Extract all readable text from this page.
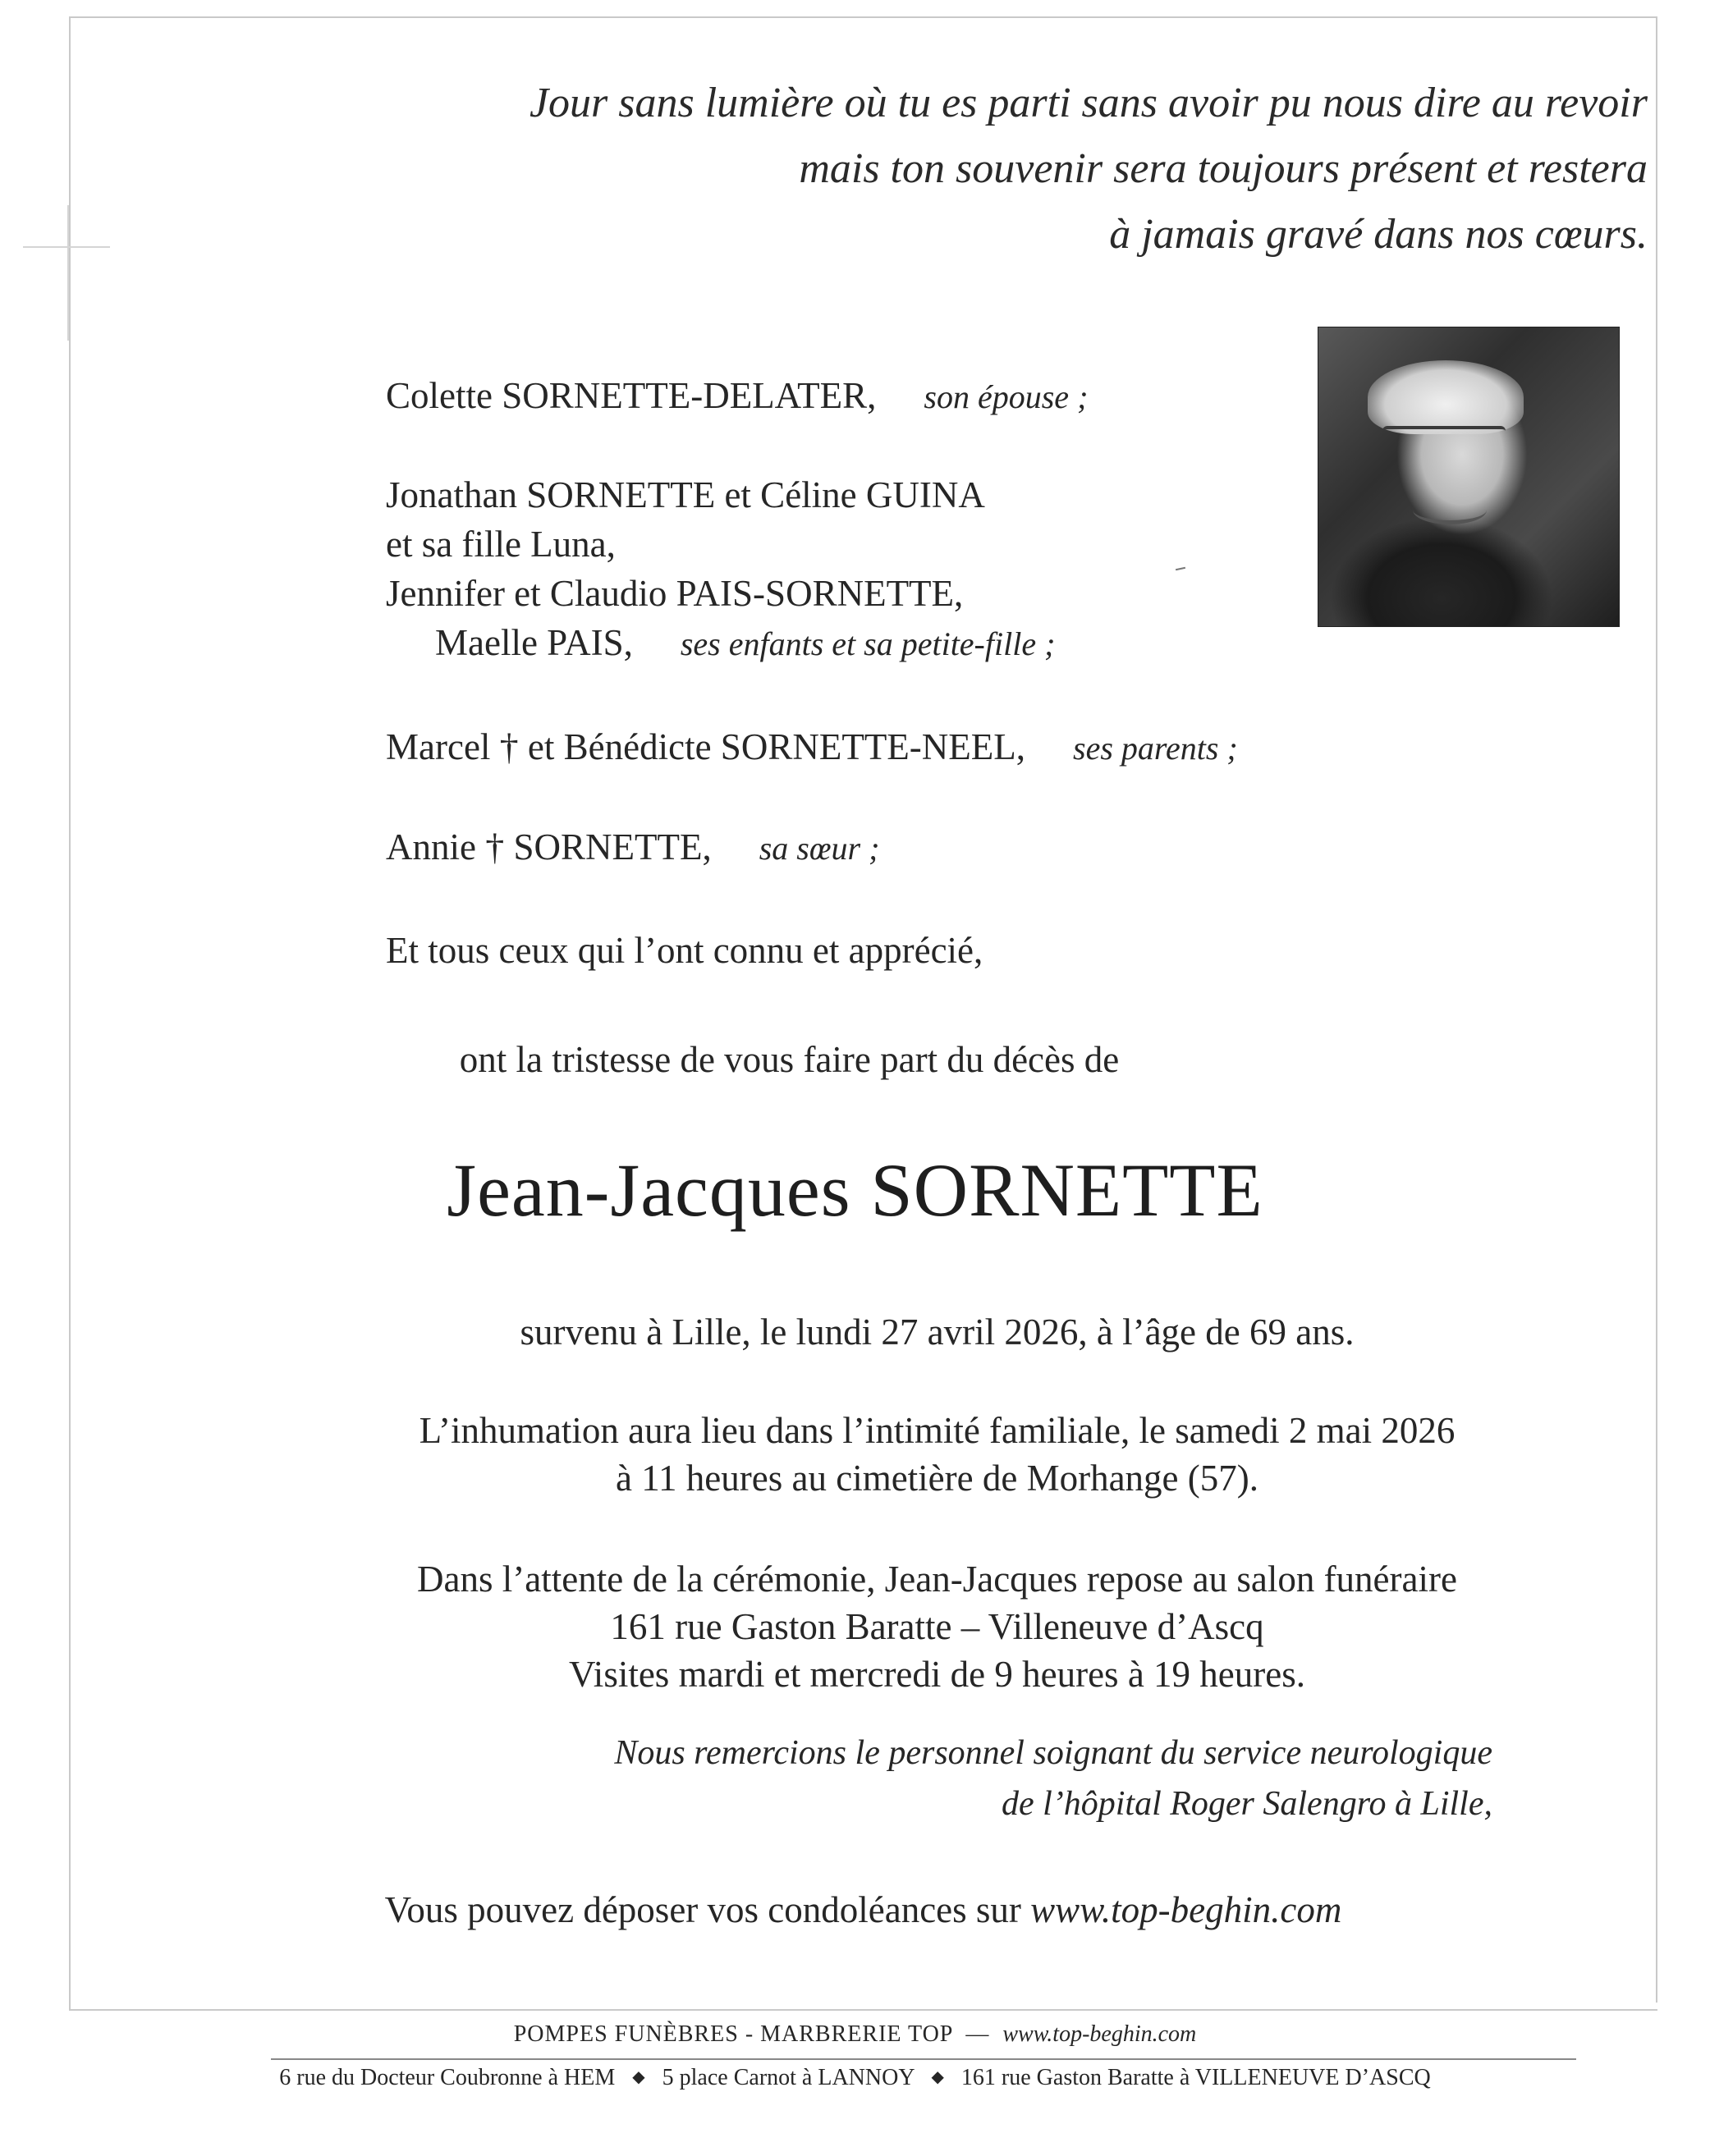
Jour sans lumière où tu es parti sans avoir pu nous dire au revoir
mais ton souvenir sera toujours présent et restera
à jamais gravé dans nos cœurs.
Colette SORNETTE-DELATER, son épouse ;
Jonathan SORNETTE et Céline GUINA
et sa fille Luna,
Jennifer et Claudio PAIS-SORNETTE,
Maelle PAIS, ses enfants et sa petite-fille ;
Marcel † et Bénédicte SORNETTE-NEEL, ses parents ;
Annie † SORNETTE, sa sœur ;
Et tous ceux qui l’ont connu et apprécié,
ont la tristesse de vous faire part du décès de
Jean-Jacques SORNETTE
survenu à Lille, le lundi 27 avril 2026, à l’âge de 69 ans.
L’inhumation aura lieu dans l’intimité familiale, le samedi 2 mai 2026
à 11 heures au cimetière de Morhange (57).
Dans l’attente de la cérémonie, Jean-Jacques repose au salon funéraire
161 rue Gaston Baratte – Villeneuve d’Ascq
Visites mardi et mercredi de 9 heures à 19 heures.
Nous remercions le personnel soignant du service neurologique
de l’hôpital Roger Salengro à Lille,
Vous pouvez déposer vos condoléances sur www.top-beghin.com
POMPES FUNÈBRES - MARBRERIE TOP — www.top-beghin.com
6 rue du Docteur Coubronne à HEM ◆ 5 place Carnot à LANNOY ◆ 161 rue Gaston Baratte à VILLENEUVE D’ASCQ
